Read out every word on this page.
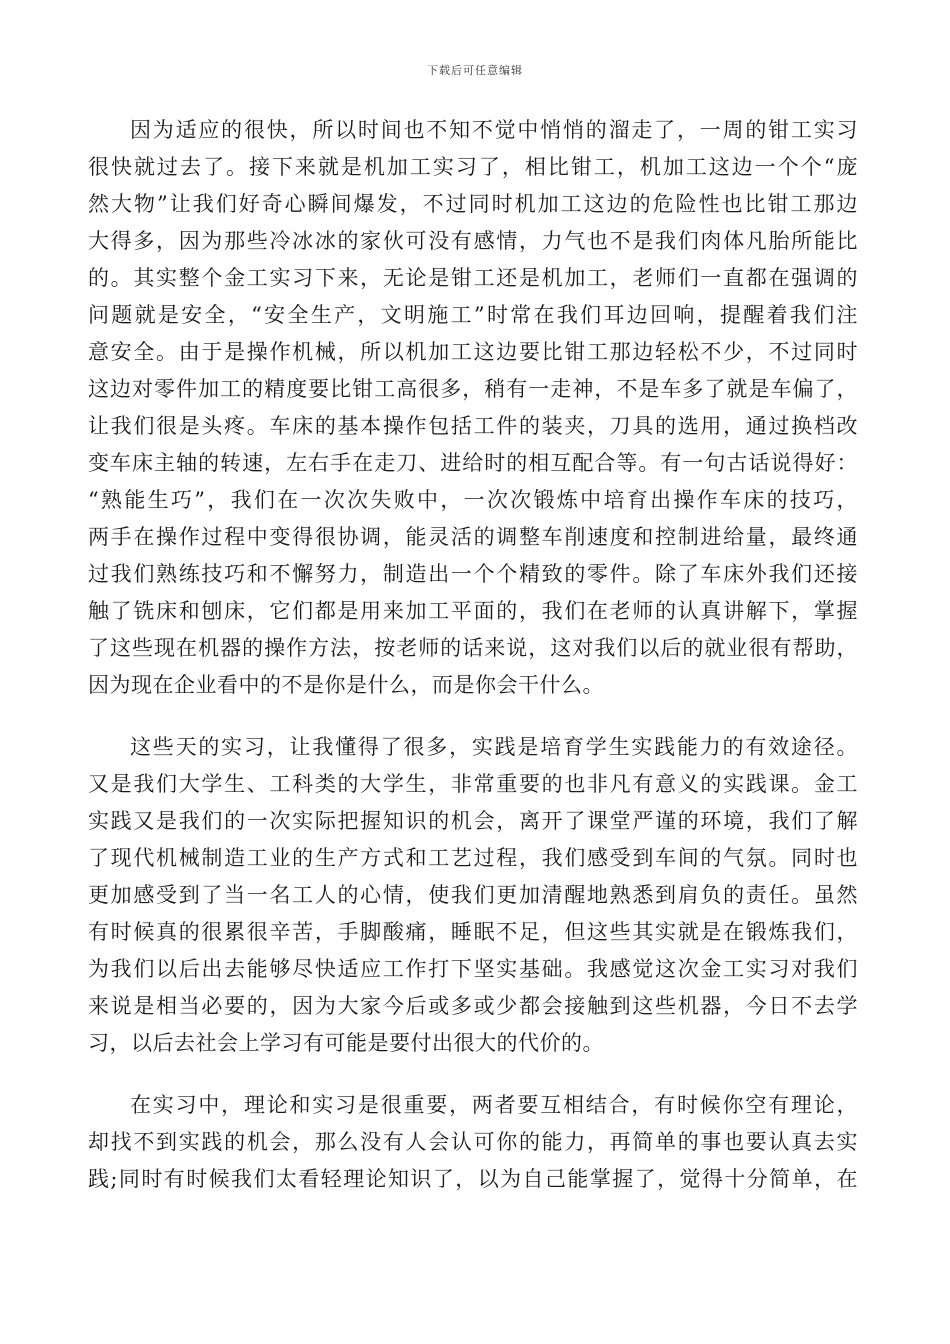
下载后可任意编辑
因为适应的很快，所以时间也不知不觉中悄悄的溜走了，一周的钳工实习
很快就过去了。接下来就是机加工实习了，相比钳工，机加工这边一个个“庞
然大物”让我们好奇心瞬间爆发，不过同时机加工这边的危险性也比钳工那边
大得多，因为那些冷冰冰的家伙可没有感情，力气也不是我们肉体凡胎所能比
的。其实整个金工实习下来，无论是钳工还是机加工，老师们一直都在强调的
问题就是安全，“安全生产，文明施工”时常在我们耳边回响，提醒着我们注
意安全。由于是操作机械，所以机加工这边要比钳工那边轻松不少，不过同时
这边对零件加工的精度要比钳工高很多，稍有一走神，不是车多了就是车偏了，
让我们很是头疼。车床的基本操作包括工件的装夹，刀具的选用，通过换档改
变车床主轴的转速，左右手在走刀、进给时的相互配合等。有一句古话说得好：
“熟能生巧”，我们在一次次失败中，一次次锻炼中培育出操作车床的技巧，
两手在操作过程中变得很协调，能灵活的调整车削速度和控制进给量，最终通
过我们熟练技巧和不懈努力，制造出一个个精致的零件。除了车床外我们还接
触了铣床和刨床，它们都是用来加工平面的，我们在老师的认真讲解下，掌握
了这些现在机器的操作方法，按老师的话来说，这对我们以后的就业很有帮助，
因为现在企业看中的不是你是什么，而是你会干什么。
这些天的实习，让我懂得了很多，实践是培育学生实践能力的有效途径。
又是我们大学生、工科类的大学生，非常重要的也非凡有意义的实践课。金工
实践又是我们的一次实际把握知识的机会，离开了课堂严谨的环境，我们了解
了现代机械制造工业的生产方式和工艺过程，我们感受到车间的气氛。同时也
更加感受到了当一名工人的心情，使我们更加清醒地熟悉到肩负的责任。虽然
有时候真的很累很辛苦，手脚酸痛，睡眠不足，但这些其实就是在锻炼我们，
为我们以后出去能够尽快适应工作打下坚实基础。我感觉这次金工实习对我们
来说是相当必要的，因为大家今后或多或少都会接触到这些机器，今日不去学
习，以后去社会上学习有可能是要付出很大的代价的。
在实习中，理论和实习是很重要，两者要互相结合，有时候你空有理论，
却找不到实践的机会，那么没有人会认可你的能力，再简单的事也要认真去实
践;同时有时候我们太看轻理论知识了，以为自己能掌握了，觉得十分简单，在
